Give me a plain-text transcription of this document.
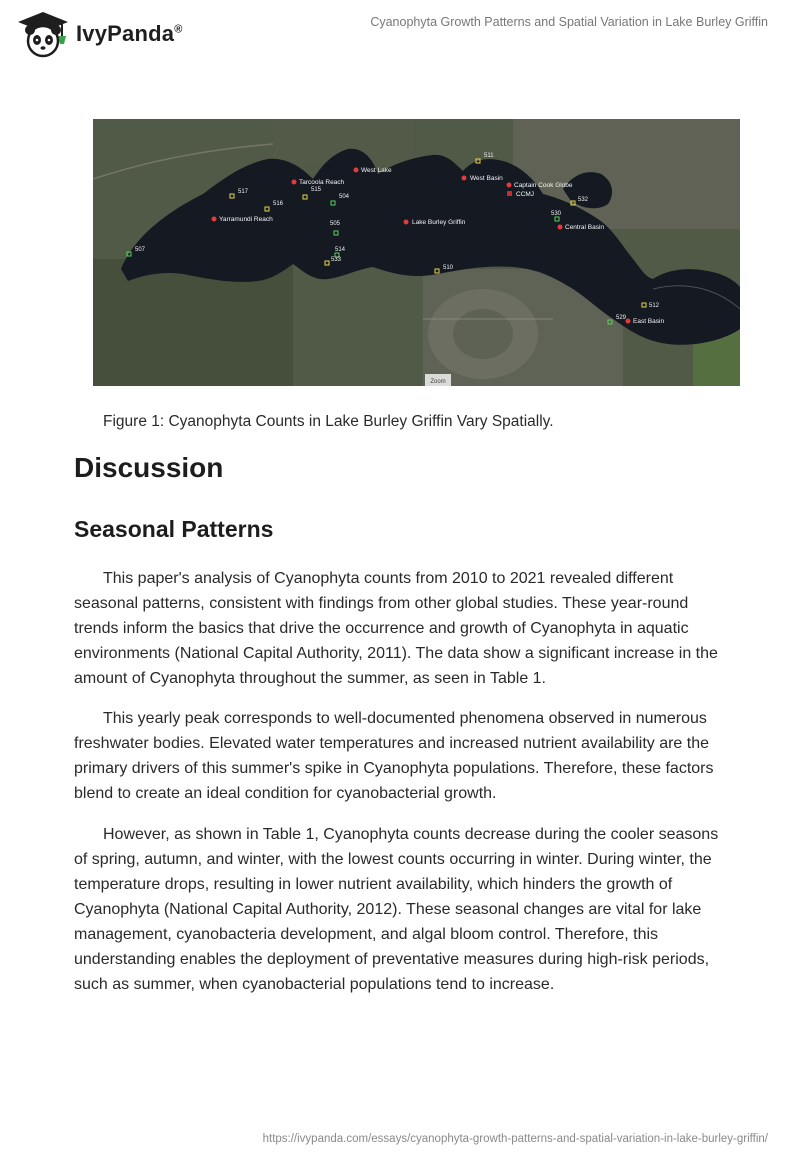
IvyPanda®
Cyanophyta Growth Patterns and Spatial Variation in Lake Burley Griffin
West Lake
Tarcoola Reach
Yarramundi Reach	Lake Burley Griffin
West Basin
Captain Cook Globe
CCMJ
Central Basin
East Basin
507
517
516
515
504
505
514
533
510
511
530
532
529
512
Zoom
Figure 1: Cyanophyta Counts in Lake Burley Griffin Vary Spatially.
Discussion
Seasonal Patterns

This paper's analysis of Cyanophyta counts from 2010 to 2021 revealed different seasonal patterns, consistent with findings from other global studies. These year-round trends inform the basics that drive the occurrence and growth of Cyanophyta in aquatic environments (National Capital Authority, 2011). The data show a significant increase in the amount of Cyanophyta throughout the summer, as seen in Table 1.

This yearly peak corresponds to well-documented phenomena observed in numerous freshwater bodies. Elevated water temperatures and increased nutrient availability are the primary drivers of this summer's spike in Cyanophyta populations. Therefore, these factors blend to create an ideal condition for cyanobacterial growth.

However, as shown in Table 1, Cyanophyta counts decrease during the cooler seasons of spring, autumn, and winter, with the lowest counts occurring in winter. During winter, the temperature drops, resulting in lower nutrient availability, which hinders the growth of Cyanophyta (National Capital Authority, 2012). These seasonal changes are vital for lake management, cyanobacteria development, and algal bloom control. Therefore, this understanding enables the deployment of preventative measures during high-risk periods, such as summer, when cyanobacterial populations tend to increase.

https://ivypanda.com/essays/cyanophyta-growth-patterns-and-spatial-variation-in-lake-burley-griffin/
